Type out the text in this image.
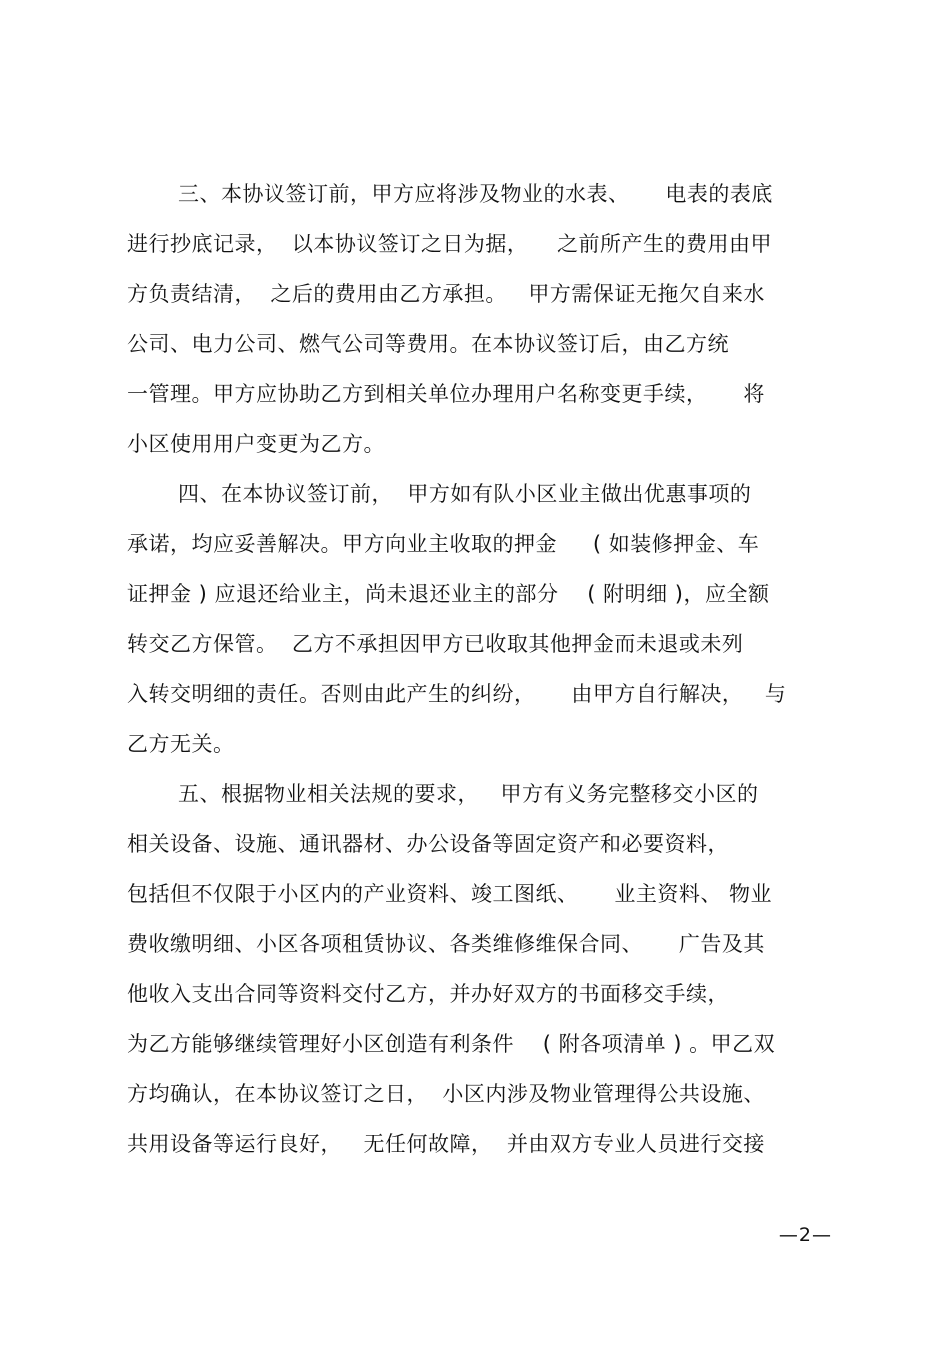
三、本协议签订前，甲方应将涉及物业的水表、     电表的表底
进行抄底记录，  以本协议签订之日为据，    之前所产生的费用由甲
方负责结清，  之后的费用由乙方承担。   甲方需保证无拖欠自来水
公司、电力公司、燃气公司等费用。在本协议签订后，由乙方统
一管理。甲方应协助乙方到相关单位办理用户名称变更手续，     将
小区使用用户变更为乙方。
四、在本协议签订前，  甲方如有队小区业主做出优惠事项的
承诺，均应妥善解决。甲方向业主收取的押金     ( 如装修押金、车
证押金 ) 应退还给业主，尚未退还业主的部分    ( 附明细 )，应全额
转交乙方保管。  乙方不承担因甲方已收取其他押金而未退或未列
入转交明细的责任。否则由此产生的纠纷，     由甲方自行解决，   与
乙方无关。
五、根据物业相关法规的要求，   甲方有义务完整移交小区的
相关设备、设施、通讯器材、办公设备等固定资产和必要资料，
包括但不仅限于小区内的产业资料、竣工图纸、     业主资料、 物业
费收缴明细、小区各项租赁协议、各类维修维保合同、     广告及其
他收入支出合同等资料交付乙方，并办好双方的书面移交手续，
为乙方能够继续管理好小区创造有利条件    ( 附各项清单 ) 。甲乙双
方均确认，在本协议签订之日，  小区内涉及物业管理得公共设施、
共用设备等运行良好，   无任何故障，  并由双方专业人员进行交接
—2—
